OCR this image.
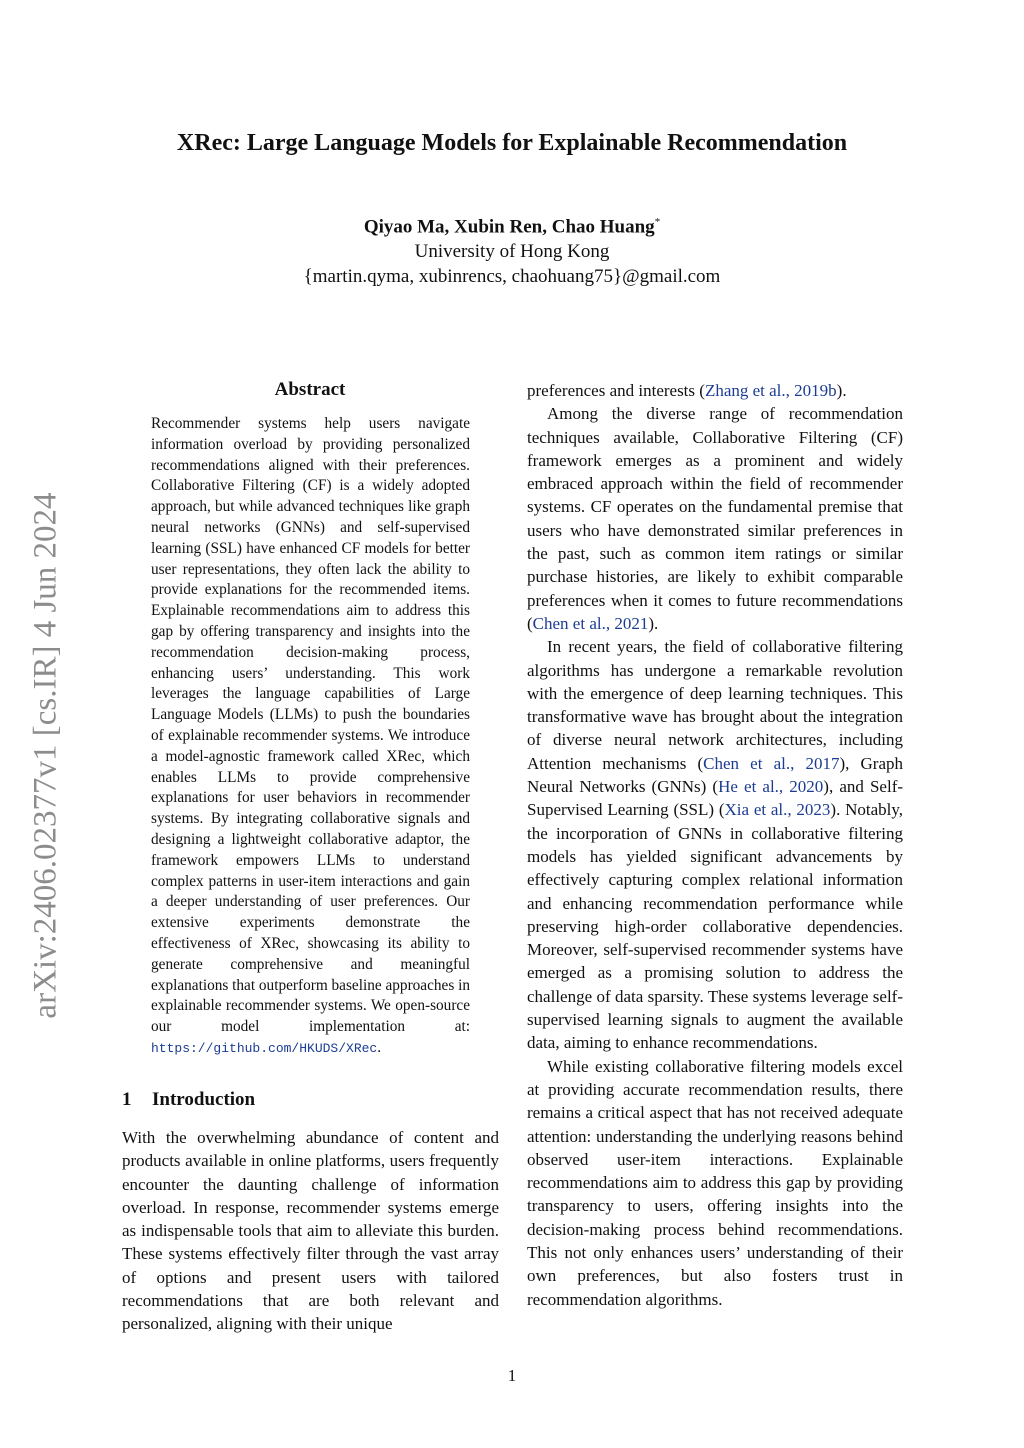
arXiv:2406.02377v1 [cs.IR] 4 Jun 2024
XRec: Large Language Models for Explainable Recommendation
Qiyao Ma, Xubin Ren, Chao Huang*
University of Hong Kong
{martin.qyma, xubinrencs, chaohuang75}@gmail.com
Abstract
Recommender systems help users navigate information overload by providing personalized recommendations aligned with their preferences. Collaborative Filtering (CF) is a widely adopted approach, but while advanced techniques like graph neural networks (GNNs) and self-supervised learning (SSL) have enhanced CF models for better user representations, they often lack the ability to provide explanations for the recommended items. Explainable recommendations aim to address this gap by offering transparency and insights into the recommendation decision-making process, enhancing users’ understanding. This work leverages the language capabilities of Large Language Models (LLMs) to push the boundaries of explainable recommender systems. We introduce a model-agnostic framework called XRec, which enables LLMs to provide comprehensive explanations for user behaviors in recommender systems. By integrating collaborative signals and designing a lightweight collaborative adaptor, the framework empowers LLMs to understand complex patterns in user-item interactions and gain a deeper understanding of user preferences. Our extensive experiments demonstrate the effectiveness of XRec, showcasing its ability to generate comprehensive and meaningful explanations that outperform baseline approaches in explainable recommender systems. We open-source our model implementation at: https://github.com/HKUDS/XRec.
1 Introduction
With the overwhelming abundance of content and products available in online platforms, users frequently encounter the daunting challenge of information overload. In response, recommender systems emerge as indispensable tools that aim to alleviate this burden. These systems effectively filter through the vast array of options and present users with tailored recommendations that are both relevant and personalized, aligning with their unique

preferences and interests (Zhang et al., 2019b).

Among the diverse range of recommendation techniques available, Collaborative Filtering (CF) framework emerges as a prominent and widely embraced approach within the field of recommender systems. CF operates on the fundamental premise that users who have demonstrated similar preferences in the past, such as common item ratings or similar purchase histories, are likely to exhibit comparable preferences when it comes to future recommendations (Chen et al., 2021).

In recent years, the field of collaborative filtering algorithms has undergone a remarkable revolution with the emergence of deep learning techniques. This transformative wave has brought about the integration of diverse neural network architectures, including Attention mechanisms (Chen et al., 2017), Graph Neural Networks (GNNs) (He et al., 2020), and Self-Supervised Learning (SSL) (Xia et al., 2023). Notably, the incorporation of GNNs in collaborative filtering models has yielded significant advancements by effectively capturing complex relational information and enhancing recommendation performance while preserving high-order collaborative dependencies. Moreover, self-supervised recommender systems have emerged as a promising solution to address the challenge of data sparsity. These systems leverage self-supervised learning signals to augment the available data, aiming to enhance recommendations.

While existing collaborative filtering models excel at providing accurate recommendation results, there remains a critical aspect that has not received adequate attention: understanding the underlying reasons behind observed user-item interactions. Explainable recommendations aim to address this gap by providing transparency to users, offering insights into the decision-making process behind recommendations. This not only enhances users’ understanding of their own preferences, but also fosters trust in recommendation algorithms.

1
